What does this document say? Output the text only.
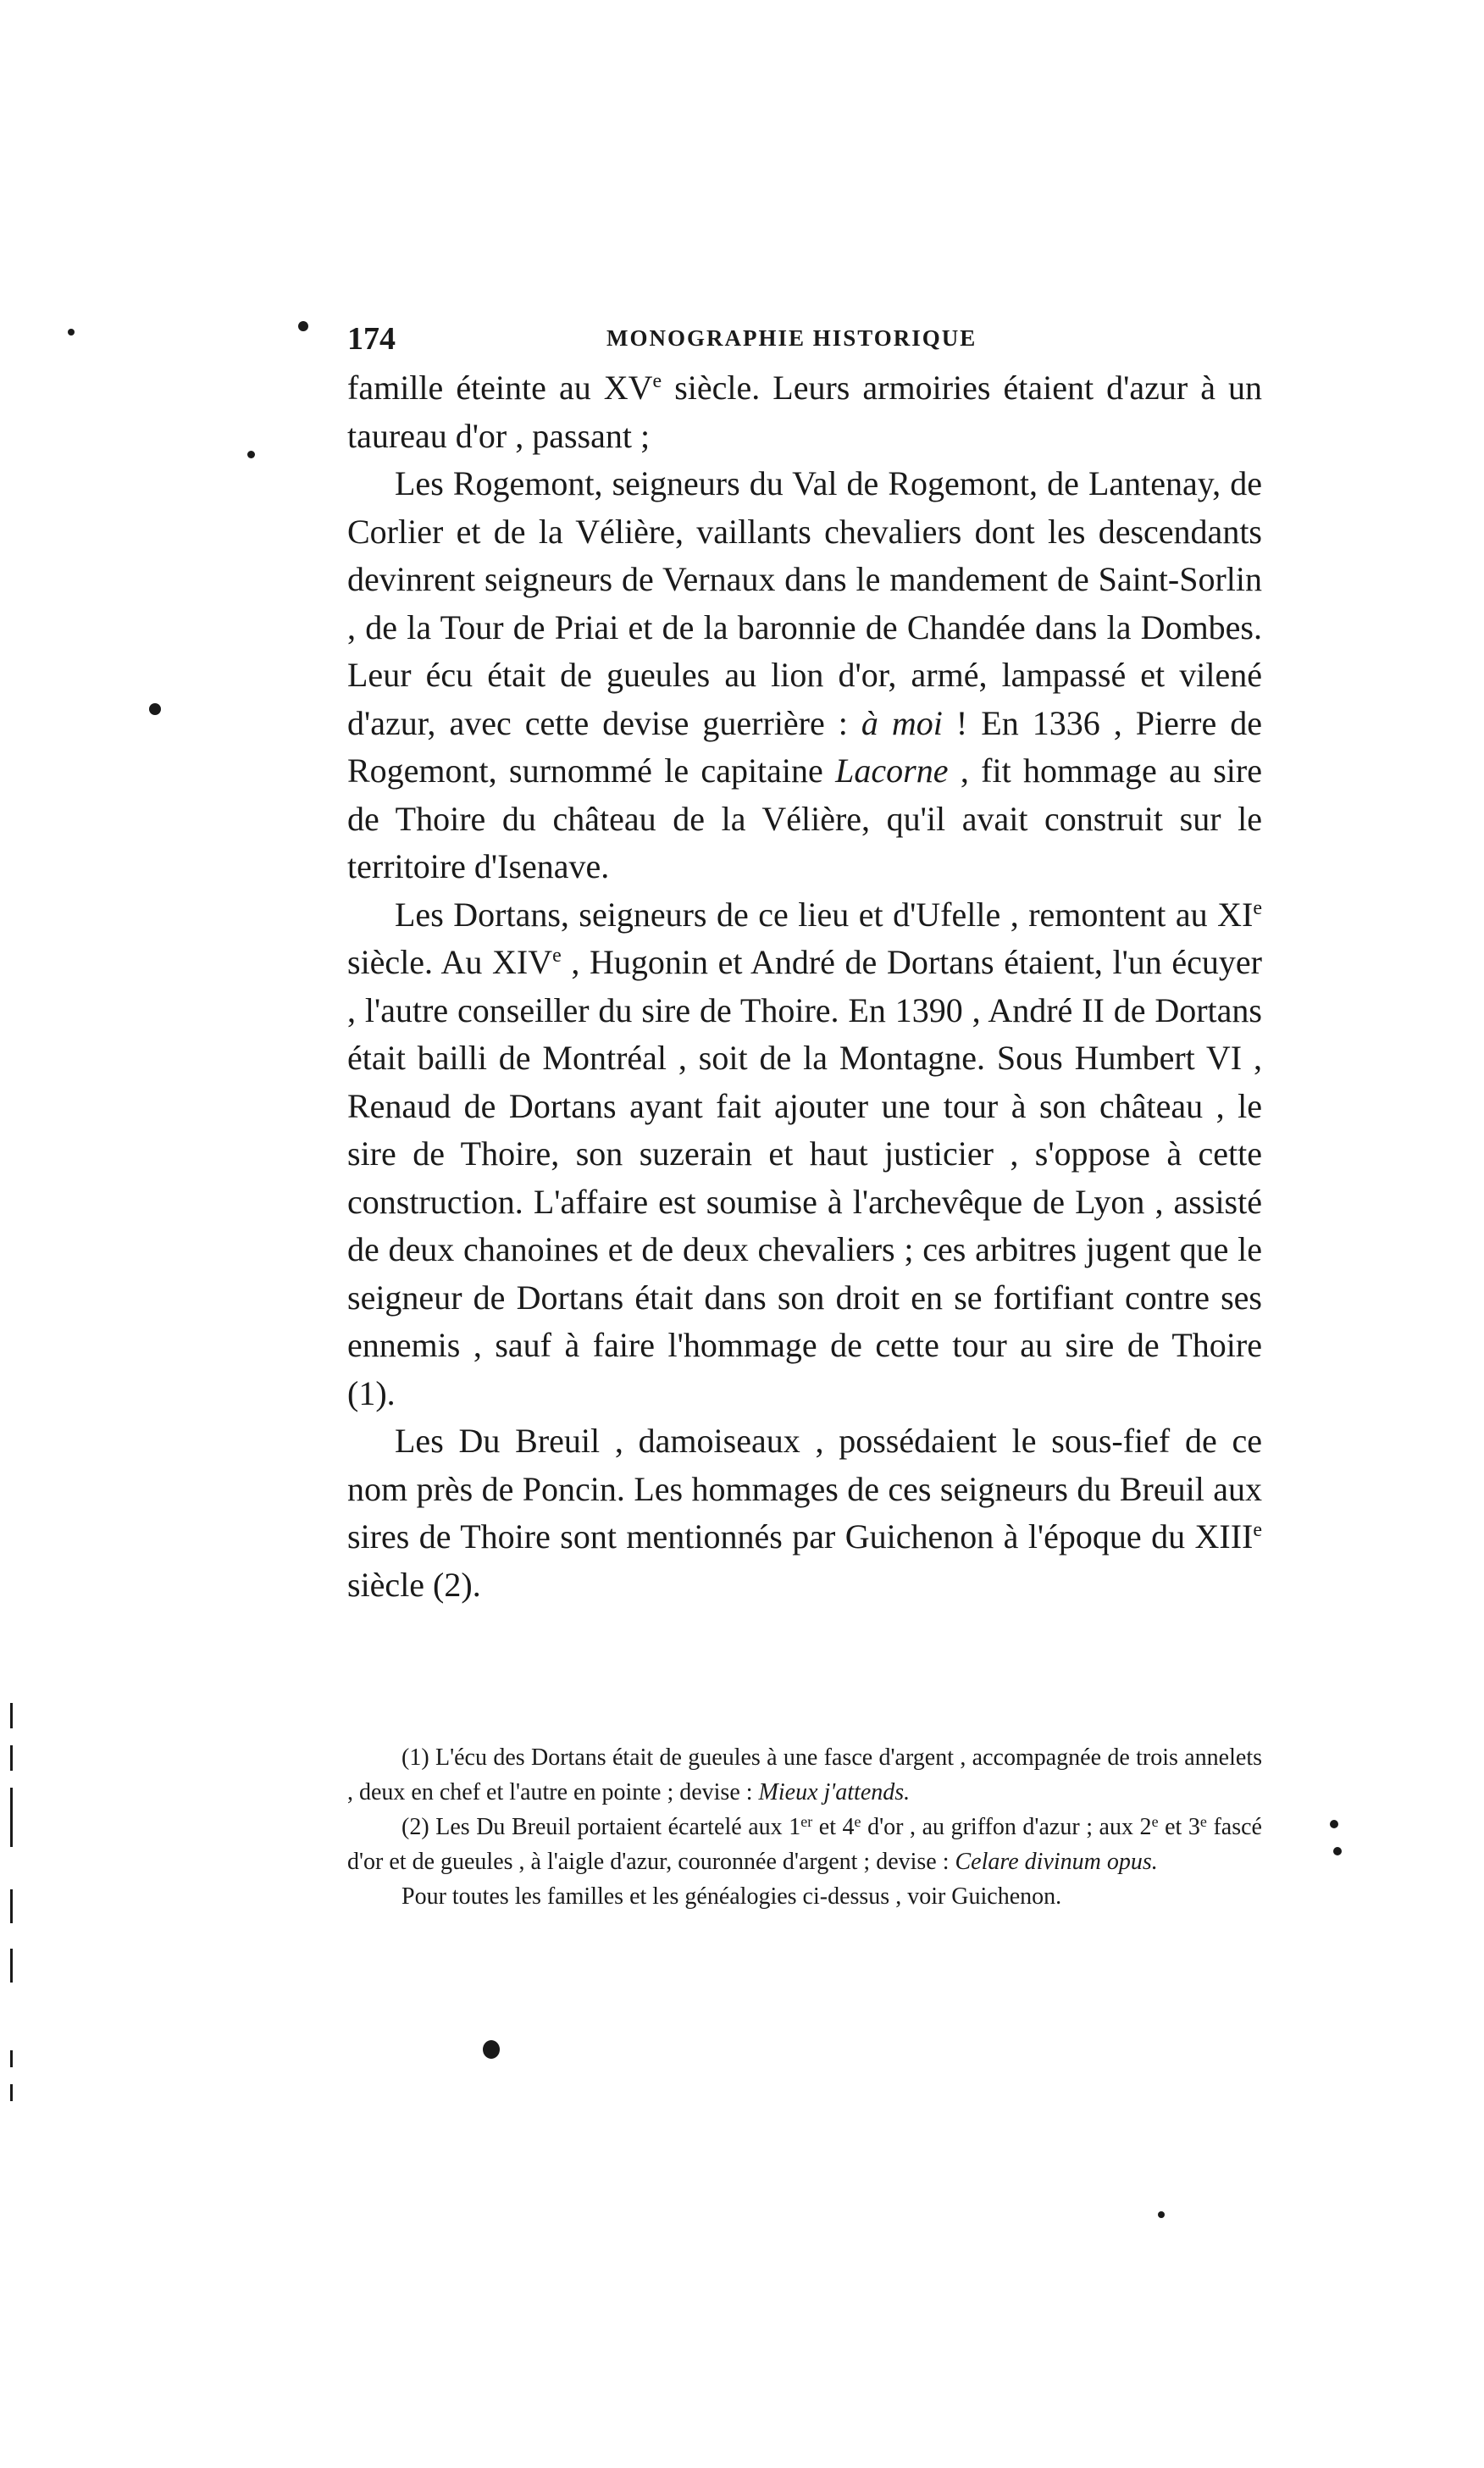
174	MONOGRAPHIE HISTORIQUE

famille éteinte au XVe siècle. Leurs armoiries étaient d'azur à un taureau d'or , passant ;

Les Rogemont, seigneurs du Val de Rogemont, de Lantenay, de Corlier et de la Vélière, vaillants chevaliers dont les descendants devinrent seigneurs de Vernaux dans le mandement de Saint-Sorlin , de la Tour de Priai et de la baronnie de Chandée dans la Dombes. Leur écu était de gueules au lion d'or, armé, lampassé et vilené d'azur, avec cette devise guerrière : à moi ! En 1336 , Pierre de Rogemont, surnommé le capitaine Lacorne , fit hommage au sire de Thoire du château de la Vélière, qu'il avait construit sur le territoire d'Isenave.

Les Dortans, seigneurs de ce lieu et d'Ufelle , remontent au XIe siècle. Au XIVe , Hugonin et André de Dortans étaient, l'un écuyer , l'autre conseiller du sire de Thoire. En 1390 , André II de Dortans était bailli de Montréal , soit de la Montagne. Sous Humbert VI , Renaud de Dortans ayant fait ajouter une tour à son château , le sire de Thoire, son suzerain et haut justicier , s'oppose à cette construction. L'affaire est soumise à l'archevêque de Lyon , assisté de deux chanoines et de deux chevaliers ; ces arbitres jugent que le seigneur de Dortans était dans son droit en se fortifiant contre ses ennemis , sauf à faire l'hommage de cette tour au sire de Thoire (1).

Les Du Breuil , damoiseaux , possédaient le sous-fief de ce nom près de Poncin. Les hommages de ces seigneurs du Breuil aux sires de Thoire sont mentionnés par Guichenon à l'époque du XIIIe siècle (2).

(1) L'écu des Dortans était de gueules à une fasce d'argent , accompagnée de trois annelets , deux en chef et l'autre en pointe ; devise : Mieux j'attends.

(2) Les Du Breuil portaient écartelé aux 1er et 4e d'or , au griffon d'azur ; aux 2e et 3e fascé d'or et de gueules , à l'aigle d'azur, couronnée d'argent ; devise : Celare divinum opus.

Pour toutes les familles et les généalogies ci-dessus , voir Guichenon.
